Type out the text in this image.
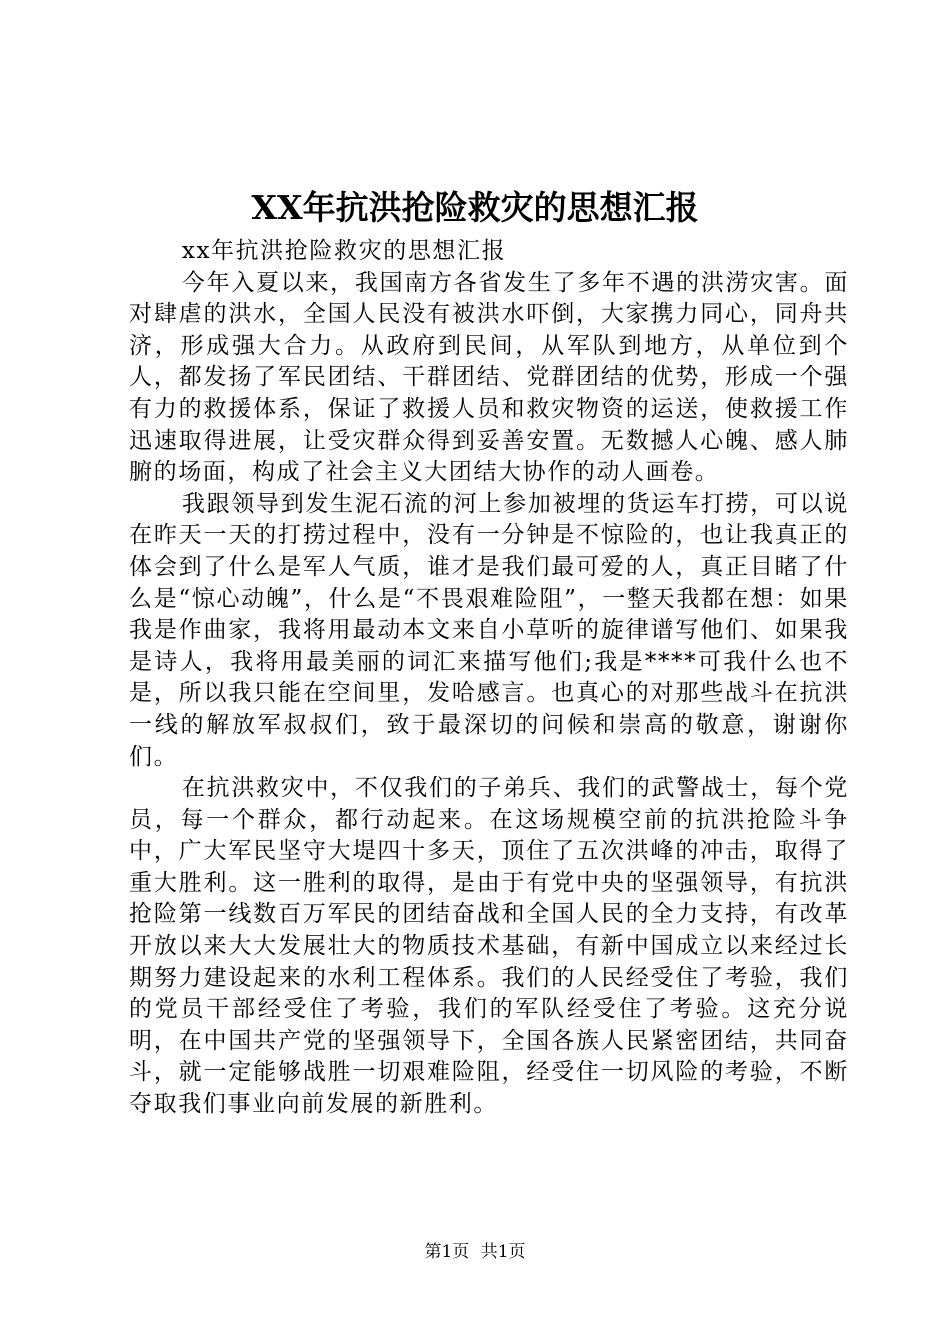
XX年抗洪抢险救灾的思想汇报

xx年抗洪抢险救灾的思想汇报

今年入夏以来，我国南方各省发生了多年不遇的洪涝灾害。面对肆虐的洪水，全国人民没有被洪水吓倒，大家携力同心，同舟共济，形成强大合力。从政府到民间，从军队到地方，从单位到个人，都发扬了军民团结、干群团结、党群团结的优势，形成一个强有力的救援体系，保证了救援人员和救灾物资的运送，使救援工作迅速取得进展，让受灾群众得到妥善安置。无数撼人心魄、感人肺腑的场面，构成了社会主义大团结大协作的动人画卷。

我跟领导到发生泥石流的河上参加被埋的货运车打捞，可以说在昨天一天的打捞过程中，没有一分钟是不惊险的，也让我真正的体会到了什么是军人气质，谁才是我们最可爱的人，真正目睹了什么是“惊心动魄”，什么是“不畏艰难险阻”，一整天我都在想：如果我是作曲家，我将用最动本文来自小草听的旋律谱写他们、如果我是诗人，我将用最美丽的词汇来描写他们;我是****可我什么也不是，所以我只能在空间里，发哈感言。也真心的对那些战斗在抗洪一线的解放军叔叔们，致于最深切的问候和崇高的敬意，谢谢你们。

在抗洪救灾中，不仅我们的子弟兵、我们的武警战士，每个党员，每一个群众，都行动起来。在这场规模空前的抗洪抢险斗争中，广大军民坚守大堤四十多天，顶住了五次洪峰的冲击，取得了重大胜利。这一胜利的取得，是由于有党中央的坚强领导，有抗洪抢险第一线数百万军民的团结奋战和全国人民的全力支持，有改革开放以来大大发展壮大的物质技术基础，有新中国成立以来经过长期努力建设起来的水利工程体系。我们的人民经受住了考验，我们的党员干部经受住了考验，我们的军队经受住了考验。这充分说明，在中国共产党的坚强领导下，全国各族人民紧密团结，共同奋斗，就一定能够战胜一切艰难险阻，经受住一切风险的考验，不断夺取我们事业向前发展的新胜利。

第1页 共1页
